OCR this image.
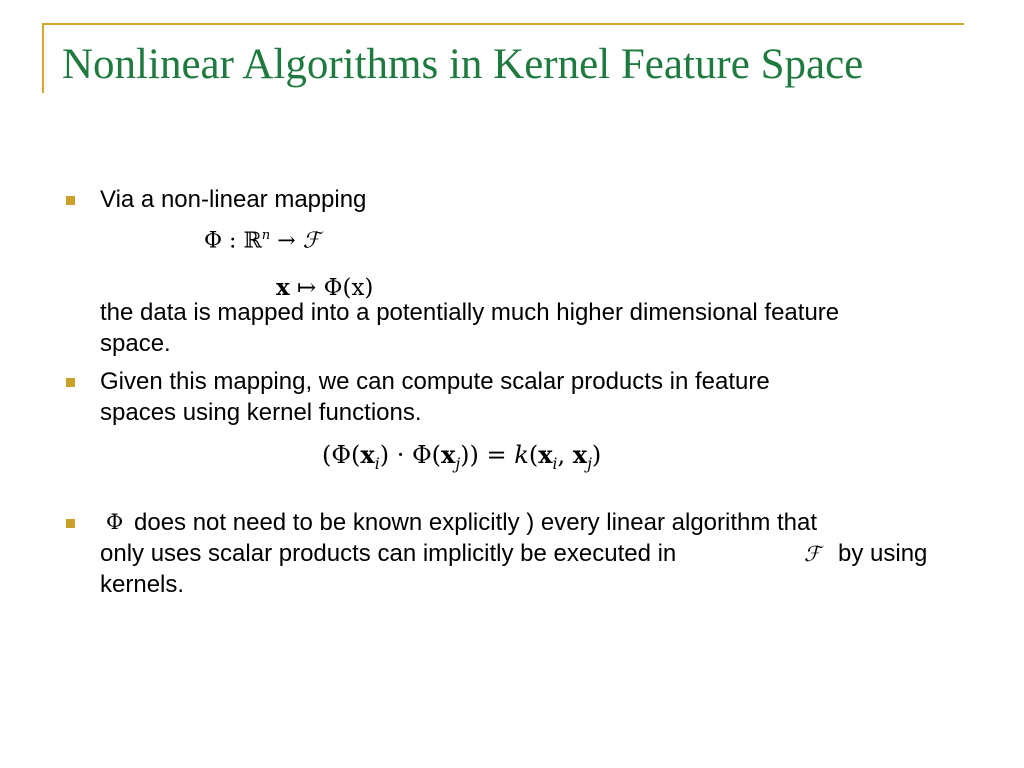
Nonlinear Algorithms in Kernel Feature Space
Via a non-linear mapping
Φ : ℝ$^n$ → ℱ
x ↦ Φ(x)
the data is mapped into a potentially much higher dimensional feature
space.
Given this mapping, we can compute scalar products in feature
spaces using kernel functions.
$(\Phi(x_i) \cdot \Phi(x_j)) = k(x_i$, $x_j$)
Φ does not need to be known explicitly ) every linear algorithm that
only uses scalar products can implicitly be executed in	ℱ by using
kernels.
